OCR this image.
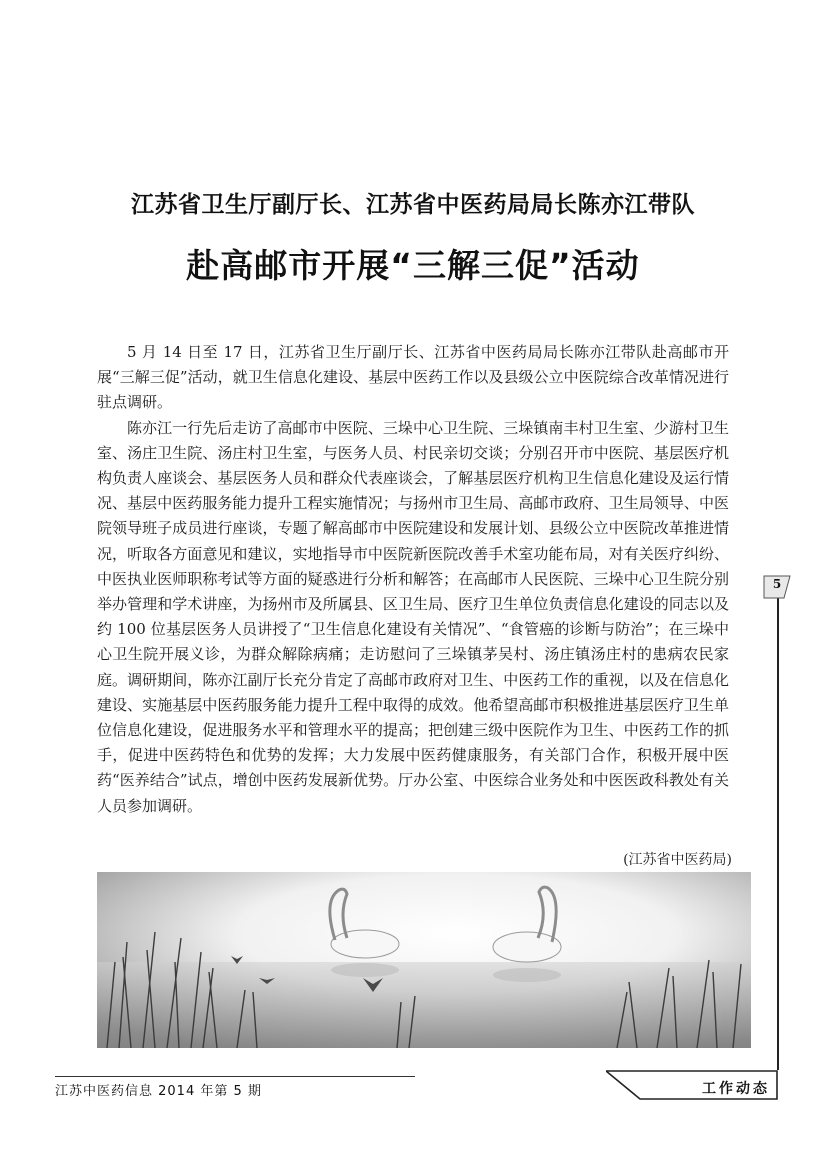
江苏省卫生厅副厅长、江苏省中医药局局长陈亦江带队
赴高邮市开展“三解三促”活动

5 月 14 日至 17 日，江苏省卫生厅副厅长、江苏省中医药局局长陈亦江带队赴高邮市开展“三解三促”活动，就卫生信息化建设、基层中医药工作以及县级公立中医院综合改革情况进行驻点调研。

陈亦江一行先后走访了高邮市中医院、三垛中心卫生院、三垛镇南丰村卫生室、少游村卫生室、汤庄卫生院、汤庄村卫生室，与医务人员、村民亲切交谈；分别召开市中医院、基层医疗机构负责人座谈会、基层医务人员和群众代表座谈会，了解基层医疗机构卫生信息化建设及运行情况、基层中医药服务能力提升工程实施情况；与扬州市卫生局、高邮市政府、卫生局领导、中医院领导班子成员进行座谈，专题了解高邮市中医院建设和发展计划、县级公立中医院改革推进情况，听取各方面意见和建议，实地指导市中医院新医院改善手术室功能布局，对有关医疗纠纷、中医执业医师职称考试等方面的疑惑进行分析和解答；在高邮市人民医院、三垛中心卫生院分别举办管理和学术讲座，为扬州市及所属县、区卫生局、医疗卫生单位负责信息化建设的同志以及约 100 位基层医务人员讲授了“卫生信息化建设有关情况”、“食管癌的诊断与防治”；在三垛中心卫生院开展义诊，为群众解除病痛；走访慰问了三垛镇茅吴村、汤庄镇汤庄村的患病农民家庭。调研期间，陈亦江副厅长充分肯定了高邮市政府对卫生、中医药工作的重视，以及在信息化建设、实施基层中医药服务能力提升工程中取得的成效。他希望高邮市积极推进基层医疗卫生单位信息化建设，促进服务水平和管理水平的提高；把创建三级中医院作为卫生、中医药工作的抓手，促进中医药特色和优势的发挥；大力发展中医药健康服务，有关部门合作，积极开展中医药“医养结合”试点，增创中医药发展新优势。厅办公室、中医综合业务处和中医医政科教处有关人员参加调研。

(江苏省中医药局)
5
江苏中医药信息 2014 年第 5 期	工作动态
